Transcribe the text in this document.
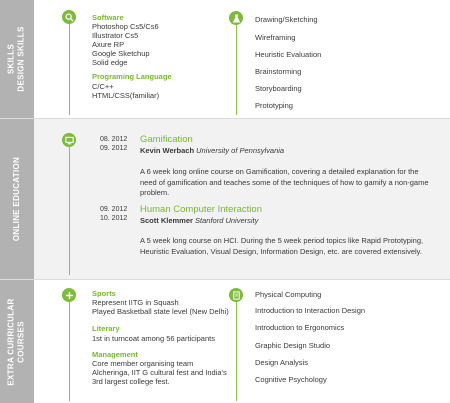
SKILLS DESIGN SKILLS
ONLINE EDUCATION
EXTRA CURRICULAR COURSES
Software
Photoshop Cs5/Cs6
Illustrator Cs5
Axure RP
Google Sketchup
Solid edge
Programing Language
C/C++
HTML/CSS(familiar)
Drawing/Sketching
Wireframing
Heuristic Evaluation
Brainstorming
Storyboarding
Prototyping
08. 2012
09. 2012
Gamification
Kevin Werbach University of Pennsylvania
A 6 week long online course on Gamification, covering a detailed explanation for the need of gamification and teaches some of the techniques of how to gamify a non-game problem.
09. 2012
10. 2012
Human Computer Interaction
Scott Klemmer Stanford University
A 5 week long course on HCI. During the 5 week period topics like Rapid Prototyping, Heuristic Evaluation, Visual Design, Information Design, etc. are covered extensively.
Sports
Represent IITG in Squash
Played Basketball state level (New Delhi)
Literary
1st in turncoat among 56 participants
Management
Core member organising team
Alcheringa, IIT G cultural fest and India's
3rd largest college fest.
Physical Computing
Introduction to Interaction Design
Introduction to Ergonomics
Graphic Design Studio
Design Analysis
Cognitive Psychology
